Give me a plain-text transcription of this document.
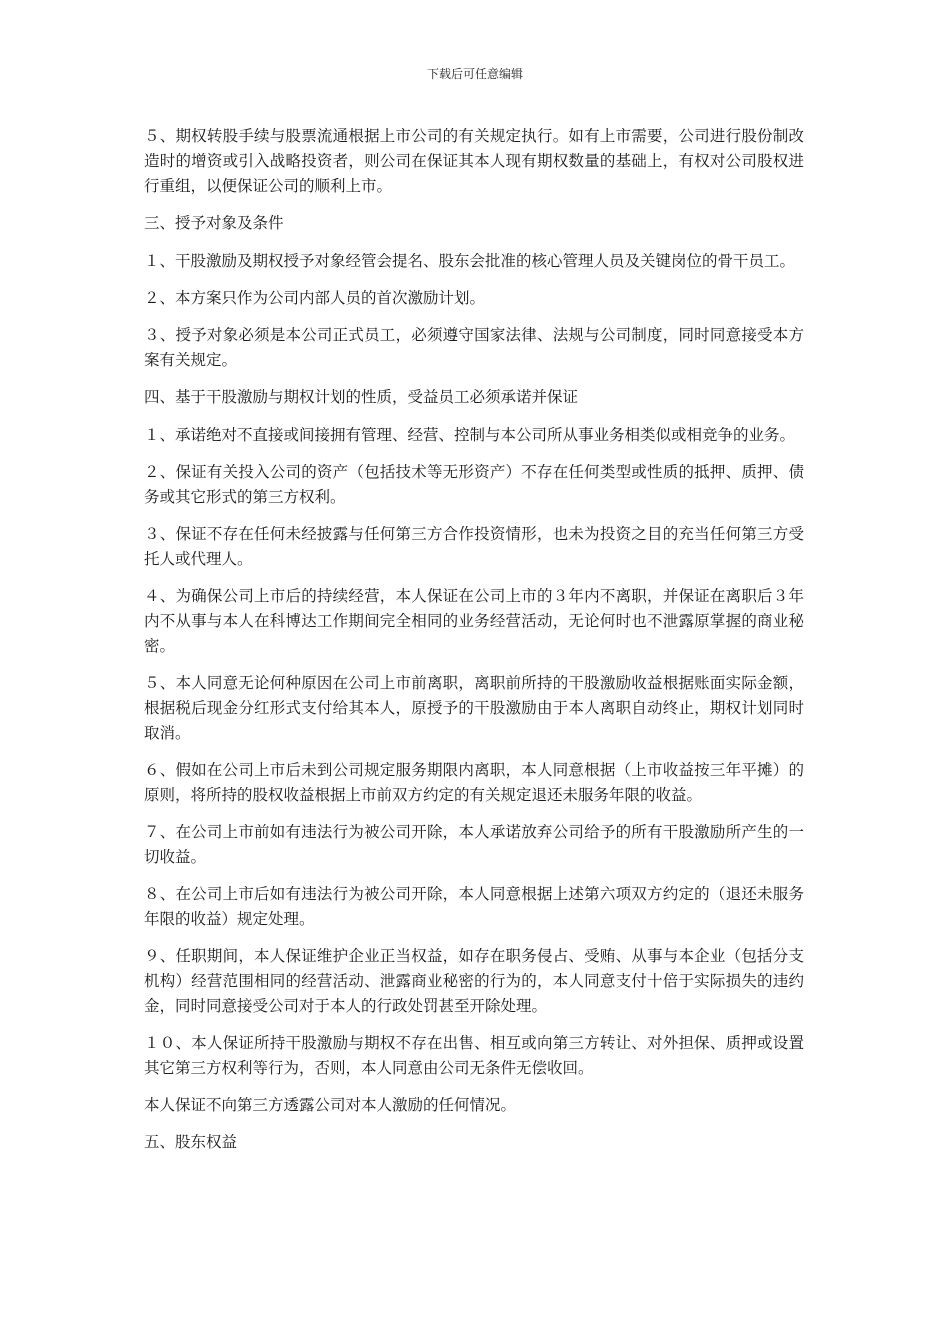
下载后可任意编辑

５、期权转股手续与股票流通根据上市公司的有关规定执行。如有上市需要，公司进行股份制改造时的增资或引入战略投资者，则公司在保证其本人现有期权数量的基础上，有权对公司股权进行重组，以便保证公司的顺利上市。

三、授予对象及条件

１、干股激励及期权授予对象经管会提名、股东会批准的核心管理人员及关键岗位的骨干员工。

２、本方案只作为公司内部人员的首次激励计划。

３、授予对象必须是本公司正式员工，必须遵守国家法律、法规与公司制度，同时同意接受本方案有关规定。

四、基于干股激励与期权计划的性质，受益员工必须承诺并保证

１、承诺绝对不直接或间接拥有管理、经营、控制与本公司所从事业务相类似或相竞争的业务。

２、保证有关投入公司的资产（包括技术等无形资产）不存在任何类型或性质的抵押、质押、债务或其它形式的第三方权利。

３、保证不存在任何未经披露与任何第三方合作投资情形，也未为投资之目的充当任何第三方受托人或代理人。

４、为确保公司上市后的持续经营，本人保证在公司上市的３年内不离职，并保证在离职后３年内不从事与本人在科博达工作期间完全相同的业务经营活动，无论何时也不泄露原掌握的商业秘密。

５、本人同意无论何种原因在公司上市前离职，离职前所持的干股激励收益根据账面实际金额，根据税后现金分红形式支付给其本人，原授予的干股激励由于本人离职自动终止，期权计划同时取消。

６、假如在公司上市后未到公司规定服务期限内离职，本人同意根据（上市收益按三年平摊）的原则，将所持的股权收益根据上市前双方约定的有关规定退还未服务年限的收益。

７、在公司上市前如有违法行为被公司开除，本人承诺放弃公司给予的所有干股激励所产生的一切收益。

８、在公司上市后如有违法行为被公司开除，本人同意根据上述第六项双方约定的（退还未服务年限的收益）规定处理。

９、任职期间，本人保证维护企业正当权益，如存在职务侵占、受贿、从事与本企业（包括分支机构）经营范围相同的经营活动、泄露商业秘密的行为的，本人同意支付十倍于实际损失的违约金，同时同意接受公司对于本人的行政处罚甚至开除处理。

１０、本人保证所持干股激励与期权不存在出售、相互或向第三方转让、对外担保、质押或设置其它第三方权利等行为，否则，本人同意由公司无条件无偿收回。

本人保证不向第三方透露公司对本人激励的任何情况。

五、股东权益
